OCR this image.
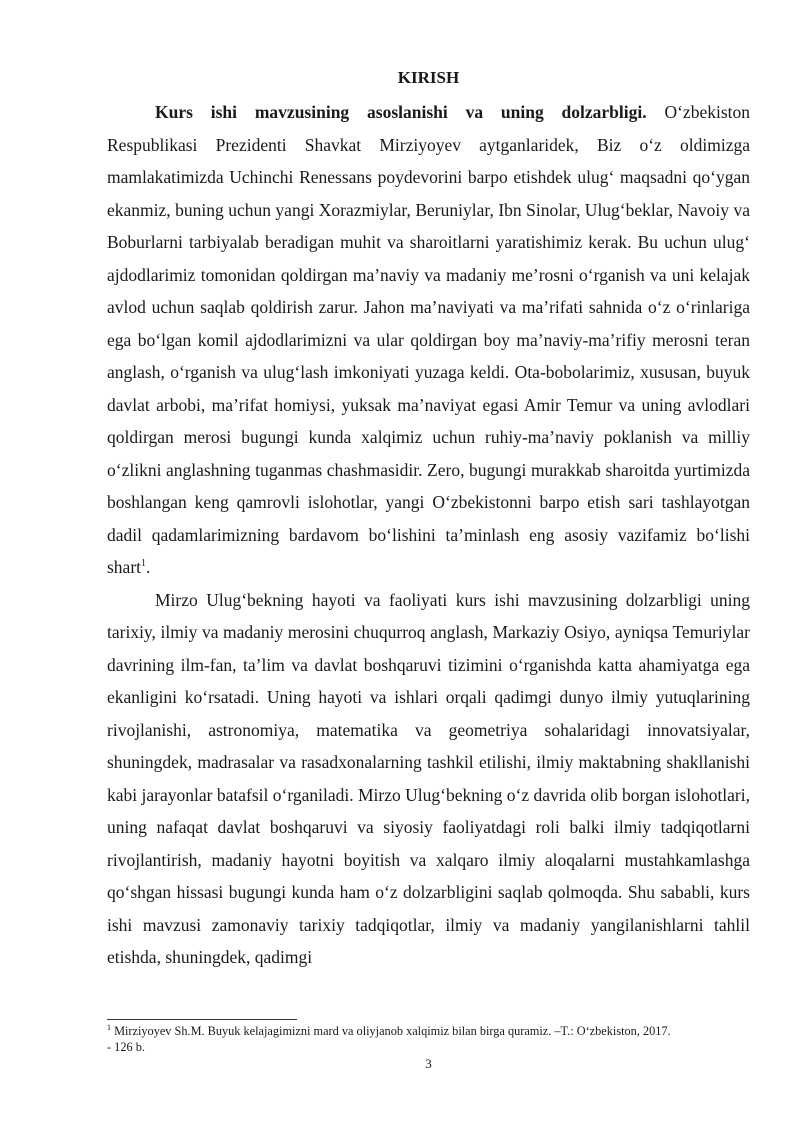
KIRISH

Kurs ishi mavzusining asoslanishi va uning dolzarbligi. O‘zbekiston Respublikasi Prezidenti Shavkat Mirziyoyev aytganlaridek, Biz o‘z oldimizga mamlakatimizda Uchinchi Renessans poydevorini barpo etishdek ulug‘ maqsadni qo‘ygan ekanmiz, buning uchun yangi Xorazmiylar, Beruniylar, Ibn Sinolar, Ulug‘beklar, Navoiy va Boburlarni tarbiyalab beradigan muhit va sharoitlarni yaratishimiz kerak. Bu uchun ulug‘ ajdodlarimiz tomonidan qoldirgan ma’naviy va madaniy me’rosni o‘rganish va uni kelajak avlod uchun saqlab qoldirish zarur. Jahon ma’naviyati va ma’rifati sahnida o‘z o‘rinlariga ega bo‘lgan komil ajdodlarimizni va ular qoldirgan boy ma’naviy-ma’rifiy merosni teran anglash, o‘rganish va ulug‘lash imkoniyati yuzaga keldi. Ota-bobolarimiz, xususan, buyuk davlat arbobi, ma’rifat homiysi, yuksak ma’naviyat egasi Amir Temur va uning avlodlari qoldirgan merosi bugungi kunda xalqimiz uchun ruhiy-ma’naviy poklanish va milliy o‘zlikni anglashning tuganmas chashmasidir. Zero, bugungi murakkab sharoitda yurtimizda boshlangan keng qamrovli islohotlar, yangi O‘zbekistonni barpo etish sari tashlayotgan dadil qadamlarimizning bardavom bo‘lishini ta’minlash eng asosiy vazifamiz bo‘lishi shart$^1$.

Mirzo Ulug‘bekning hayoti va faoliyati kurs ishi mavzusining dolzarbligi uning tarixiy, ilmiy va madaniy merosini chuqurroq anglash, Markaziy Osiyo, ayniqsa Temuriylar davrining ilm-fan, ta’lim va davlat boshqaruvi tizimini o‘rganishda katta ahamiyatga ega ekanligini ko‘rsatadi. Uning hayoti va ishlari orqali qadimgi dunyo ilmiy yutuqlarining rivojlanishi, astronomiya, matematika va geometriya sohalaridagi innovatsiyalar, shuningdek, madrasalar va rasadxonalarning tashkil etilishi, ilmiy maktabning shakllanishi kabi jarayonlar batafsil o‘rganiladi. Mirzo Ulug‘bekning o‘z davrida olib borgan islohotlari, uning nafaqat davlat boshqaruvi va siyosiy faoliyatdagi roli balki ilmiy tadqiqotlarni rivojlantirish, madaniy hayotni boyitish va xalqaro ilmiy aloqalarni mustahkamlashga qo‘shgan hissasi bugungi kunda ham o‘z dolzarbligini saqlab qolmoqda. Shu sababli, kurs ishi mavzusi zamonaviy tarixiy tadqiqotlar, ilmiy va madaniy yangilanishlarni tahlil etishda, shuningdek, qadimgi

$^1$ Mirziyoyev Sh.M. Buyuk kelajagimizni mard va oliyjanob xalqimiz bilan birga quramiz. –T.: O‘zbekiston, 2017.
- 126 b.
3
